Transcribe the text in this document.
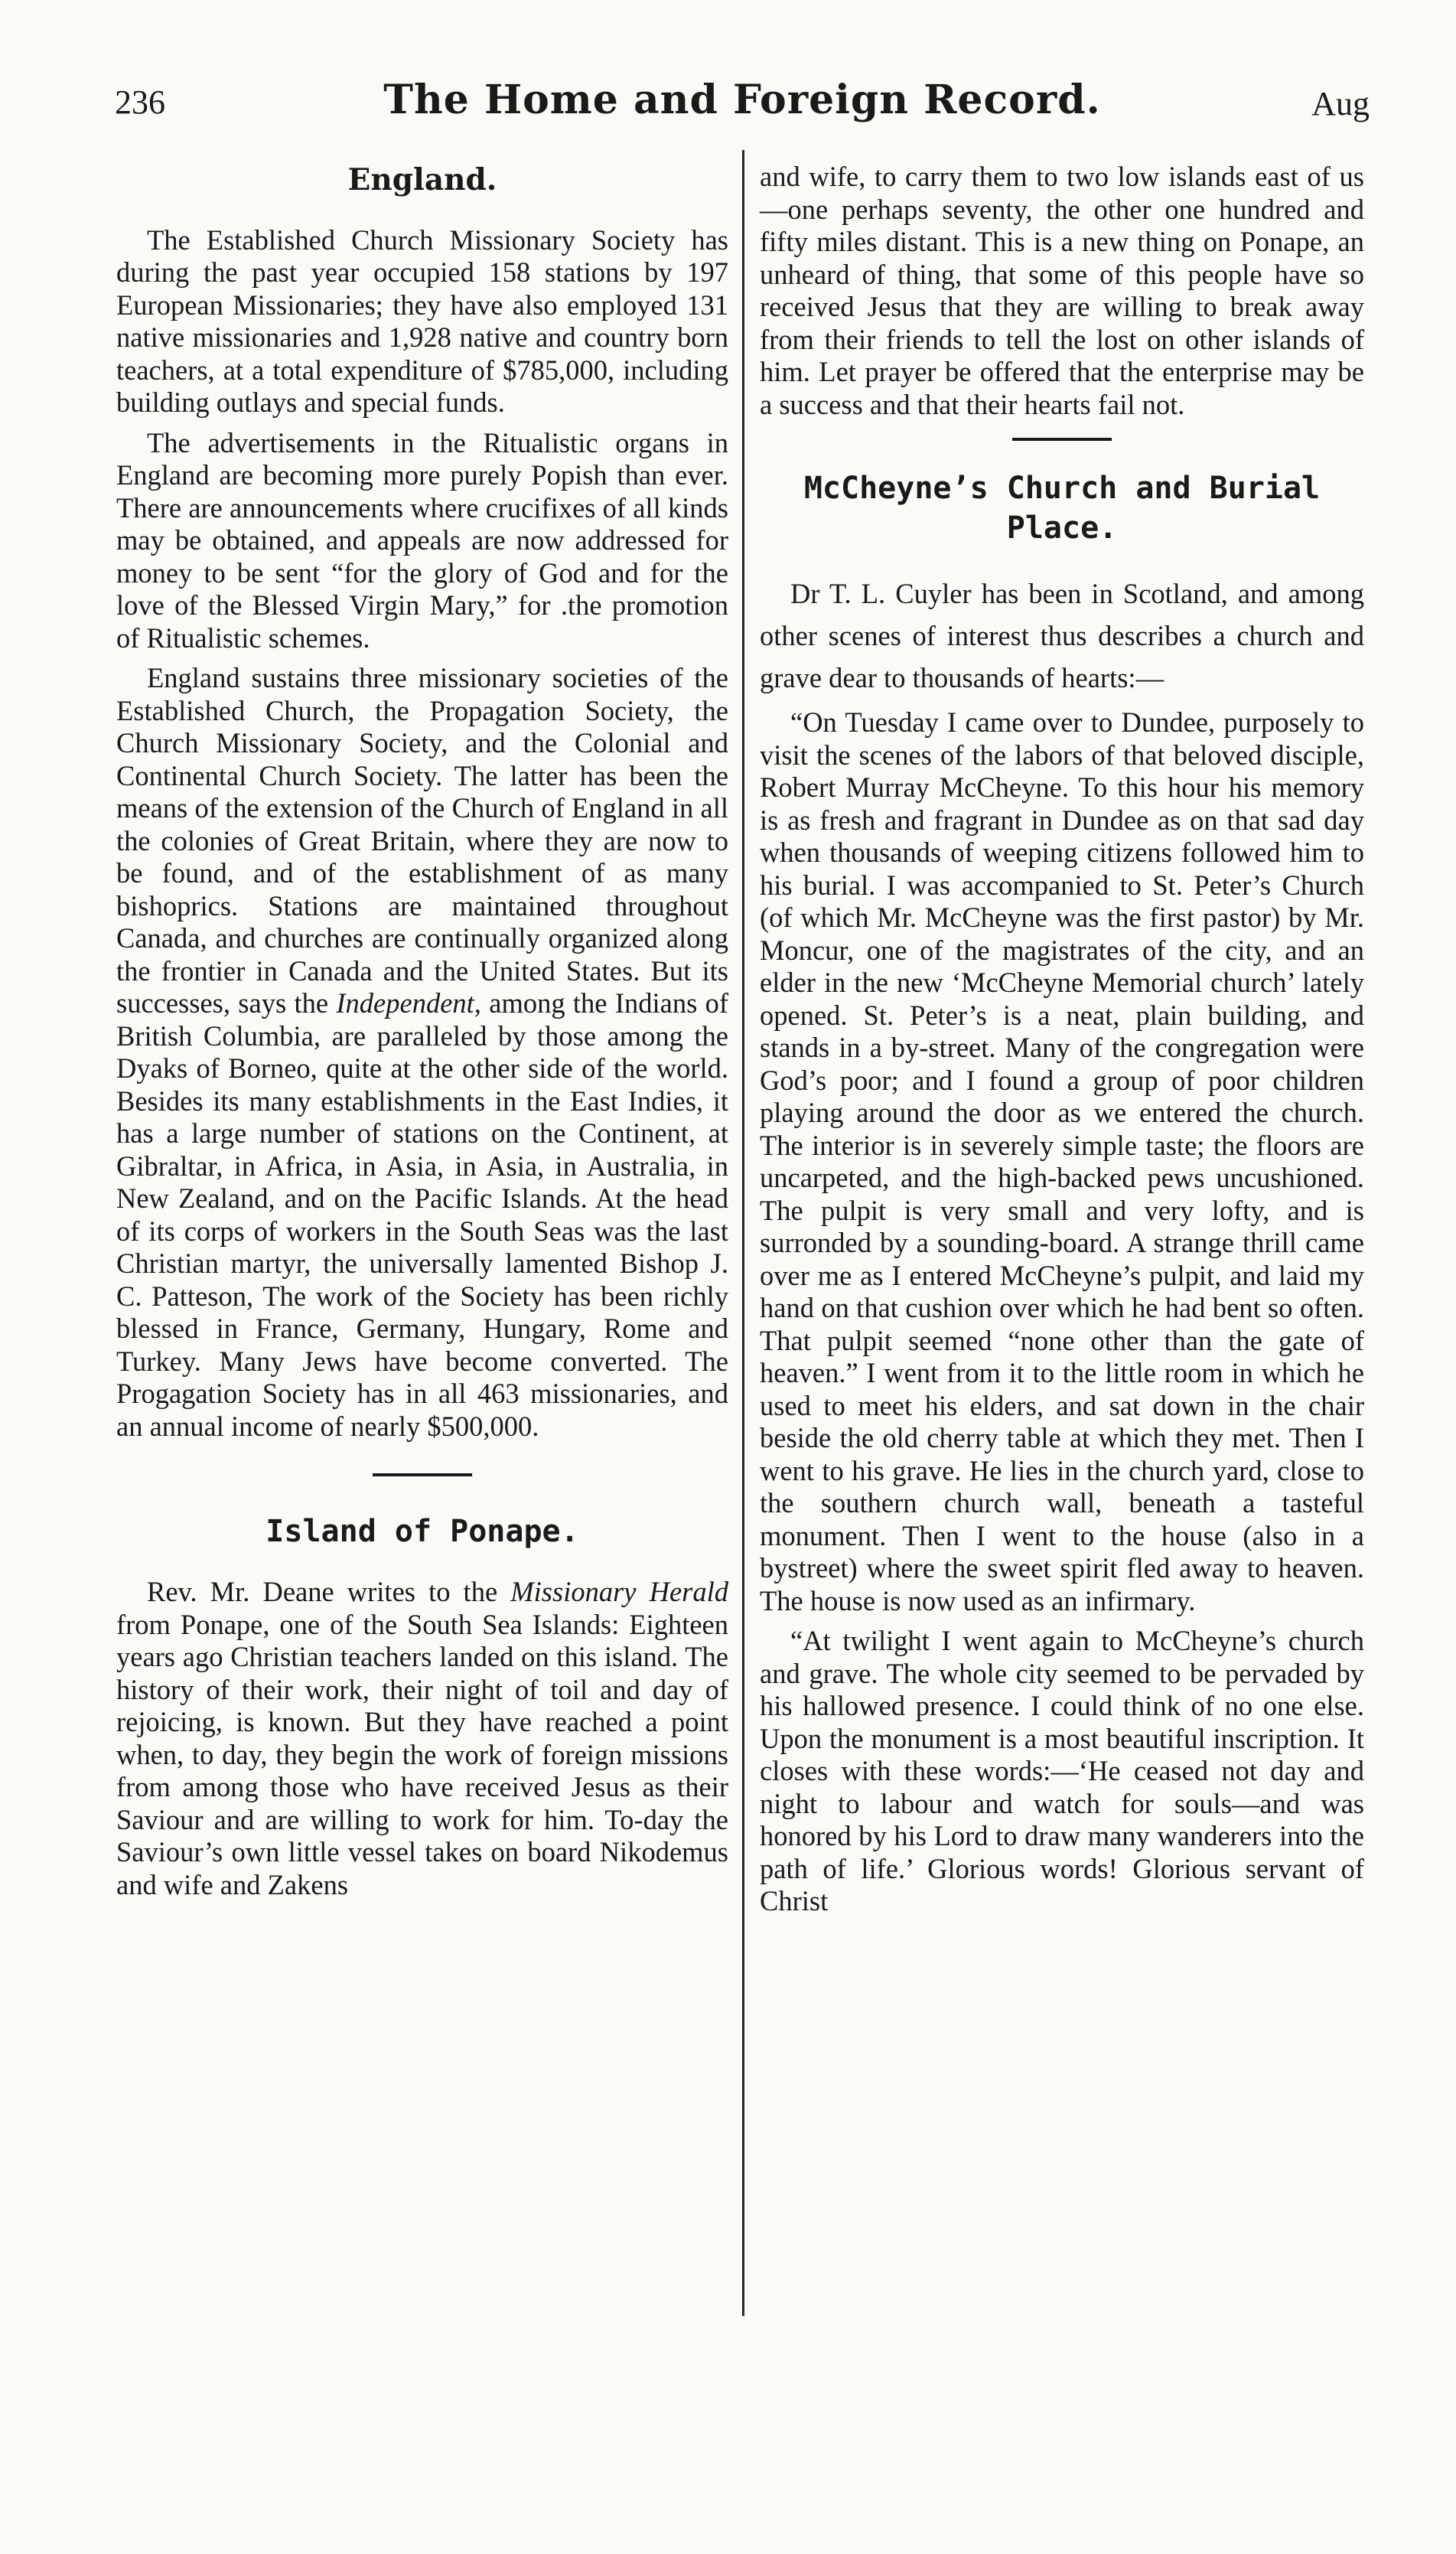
236	The Home and Foreign Record.	Aug
England.

The Established Church Missionary Society has during the past year occupied 158 stations by 197 European Missionaries; they have also employed 131 native missionaries and 1,928 native and country born teachers, at a total expenditure of $785,000, including building outlays and special funds.

The advertisements in the Ritualistic organs in England are becoming more purely Popish than ever. There are announcements where crucifixes of all kinds may be obtained, and appeals are now addressed for money to be sent “for the glory of God and for the love of the Blessed Virgin Mary,” for .the promotion of Ritualistic schemes.

England sustains three missionary societies of the Established Church, the Propagation Society, the Church Missionary Society, and the Colonial and Continental Church Society. The latter has been the means of the extension of the Church of England in all the colonies of Great Britain, where they are now to be found, and of the establishment of as many bishoprics. Stations are maintained throughout Canada, and churches are continually organized along the frontier in Canada and the United States. But its successes, says the Independent, among the Indians of British Columbia, are paralleled by those among the Dyaks of Borneo, quite at the other side of the world. Besides its many establishments in the East Indies, it has a large number of stations on the Continent, at Gibraltar, in Africa, in Asia, in Asia, in Australia, in New Zealand, and on the Pacific Islands. At the head of its corps of workers in the South Seas was the last Christian martyr, the universally lamented Bishop J. C. Patteson, The work of the Society has been richly blessed in France, Germany, Hungary, Rome and Turkey. Many Jews have become converted. The Progagation Society has in all 463 missionaries, and an annual income of nearly $500,000.

Island of Ponape.

Rev. Mr. Deane writes to the Missionary Herald from Ponape, one of the South Sea Islands: Eighteen years ago Christian teachers landed on this island. The history of their work, their night of toil and day of rejoicing, is known. But they have reached a point when, to day, they begin the work of foreign missions from among those who have received Jesus as their Saviour and are willing to work for him. To-day the Saviour’s own little vessel takes on board Nikodemus and wife and Zakens

and wife, to carry them to two low islands east of us—one perhaps seventy, the other one hundred and fifty miles distant. This is a new thing on Ponape, an unheard of thing, that some of this people have so received Jesus that they are willing to break away from their friends to tell the lost on other islands of him. Let prayer be offered that the enterprise may be a success and that their hearts fail not.

McCheyne’s Church and Burial Place.

Dr T. L. Cuyler has been in Scotland, and among other scenes of interest thus describes a church and grave dear to thousands of hearts:—

“On Tuesday I came over to Dundee, purposely to visit the scenes of the labors of that beloved disciple, Robert Murray McCheyne. To this hour his memory is as fresh and fragrant in Dundee as on that sad day when thousands of weeping citizens followed him to his burial. I was accompanied to St. Peter’s Church (of which Mr. McCheyne was the first pastor) by Mr. Moncur, one of the magistrates of the city, and an elder in the new ‘McCheyne Memorial church’ lately opened. St. Peter’s is a neat, plain building, and stands in a by-street. Many of the congregation were God’s poor; and I found a group of poor children playing around the door as we entered the church. The interior is in severely simple taste; the floors are uncarpeted, and the high-backed pews uncushioned. The pulpit is very small and very lofty, and is surronded by a sounding-board. A strange thrill came over me as I entered McCheyne’s pulpit, and laid my hand on that cushion over which he had bent so often. That pulpit seemed “none other than the gate of heaven.” I went from it to the little room in which he used to meet his elders, and sat down in the chair beside the old cherry table at which they met. Then I went to his grave. He lies in the church yard, close to the southern church wall, beneath a tasteful monument. Then I went to the house (also in a bystreet) where the sweet spirit fled away to heaven. The house is now used as an infirmary.

“At twilight I went again to McCheyne’s church and grave. The whole city seemed to be pervaded by his hallowed presence. I could think of no one else. Upon the monument is a most beautiful inscription. It closes with these words:—‘He ceased not day and night to labour and watch for souls—and was honored by his Lord to draw many wanderers into the path of life.’ Glorious words! Glorious servant of Christ
